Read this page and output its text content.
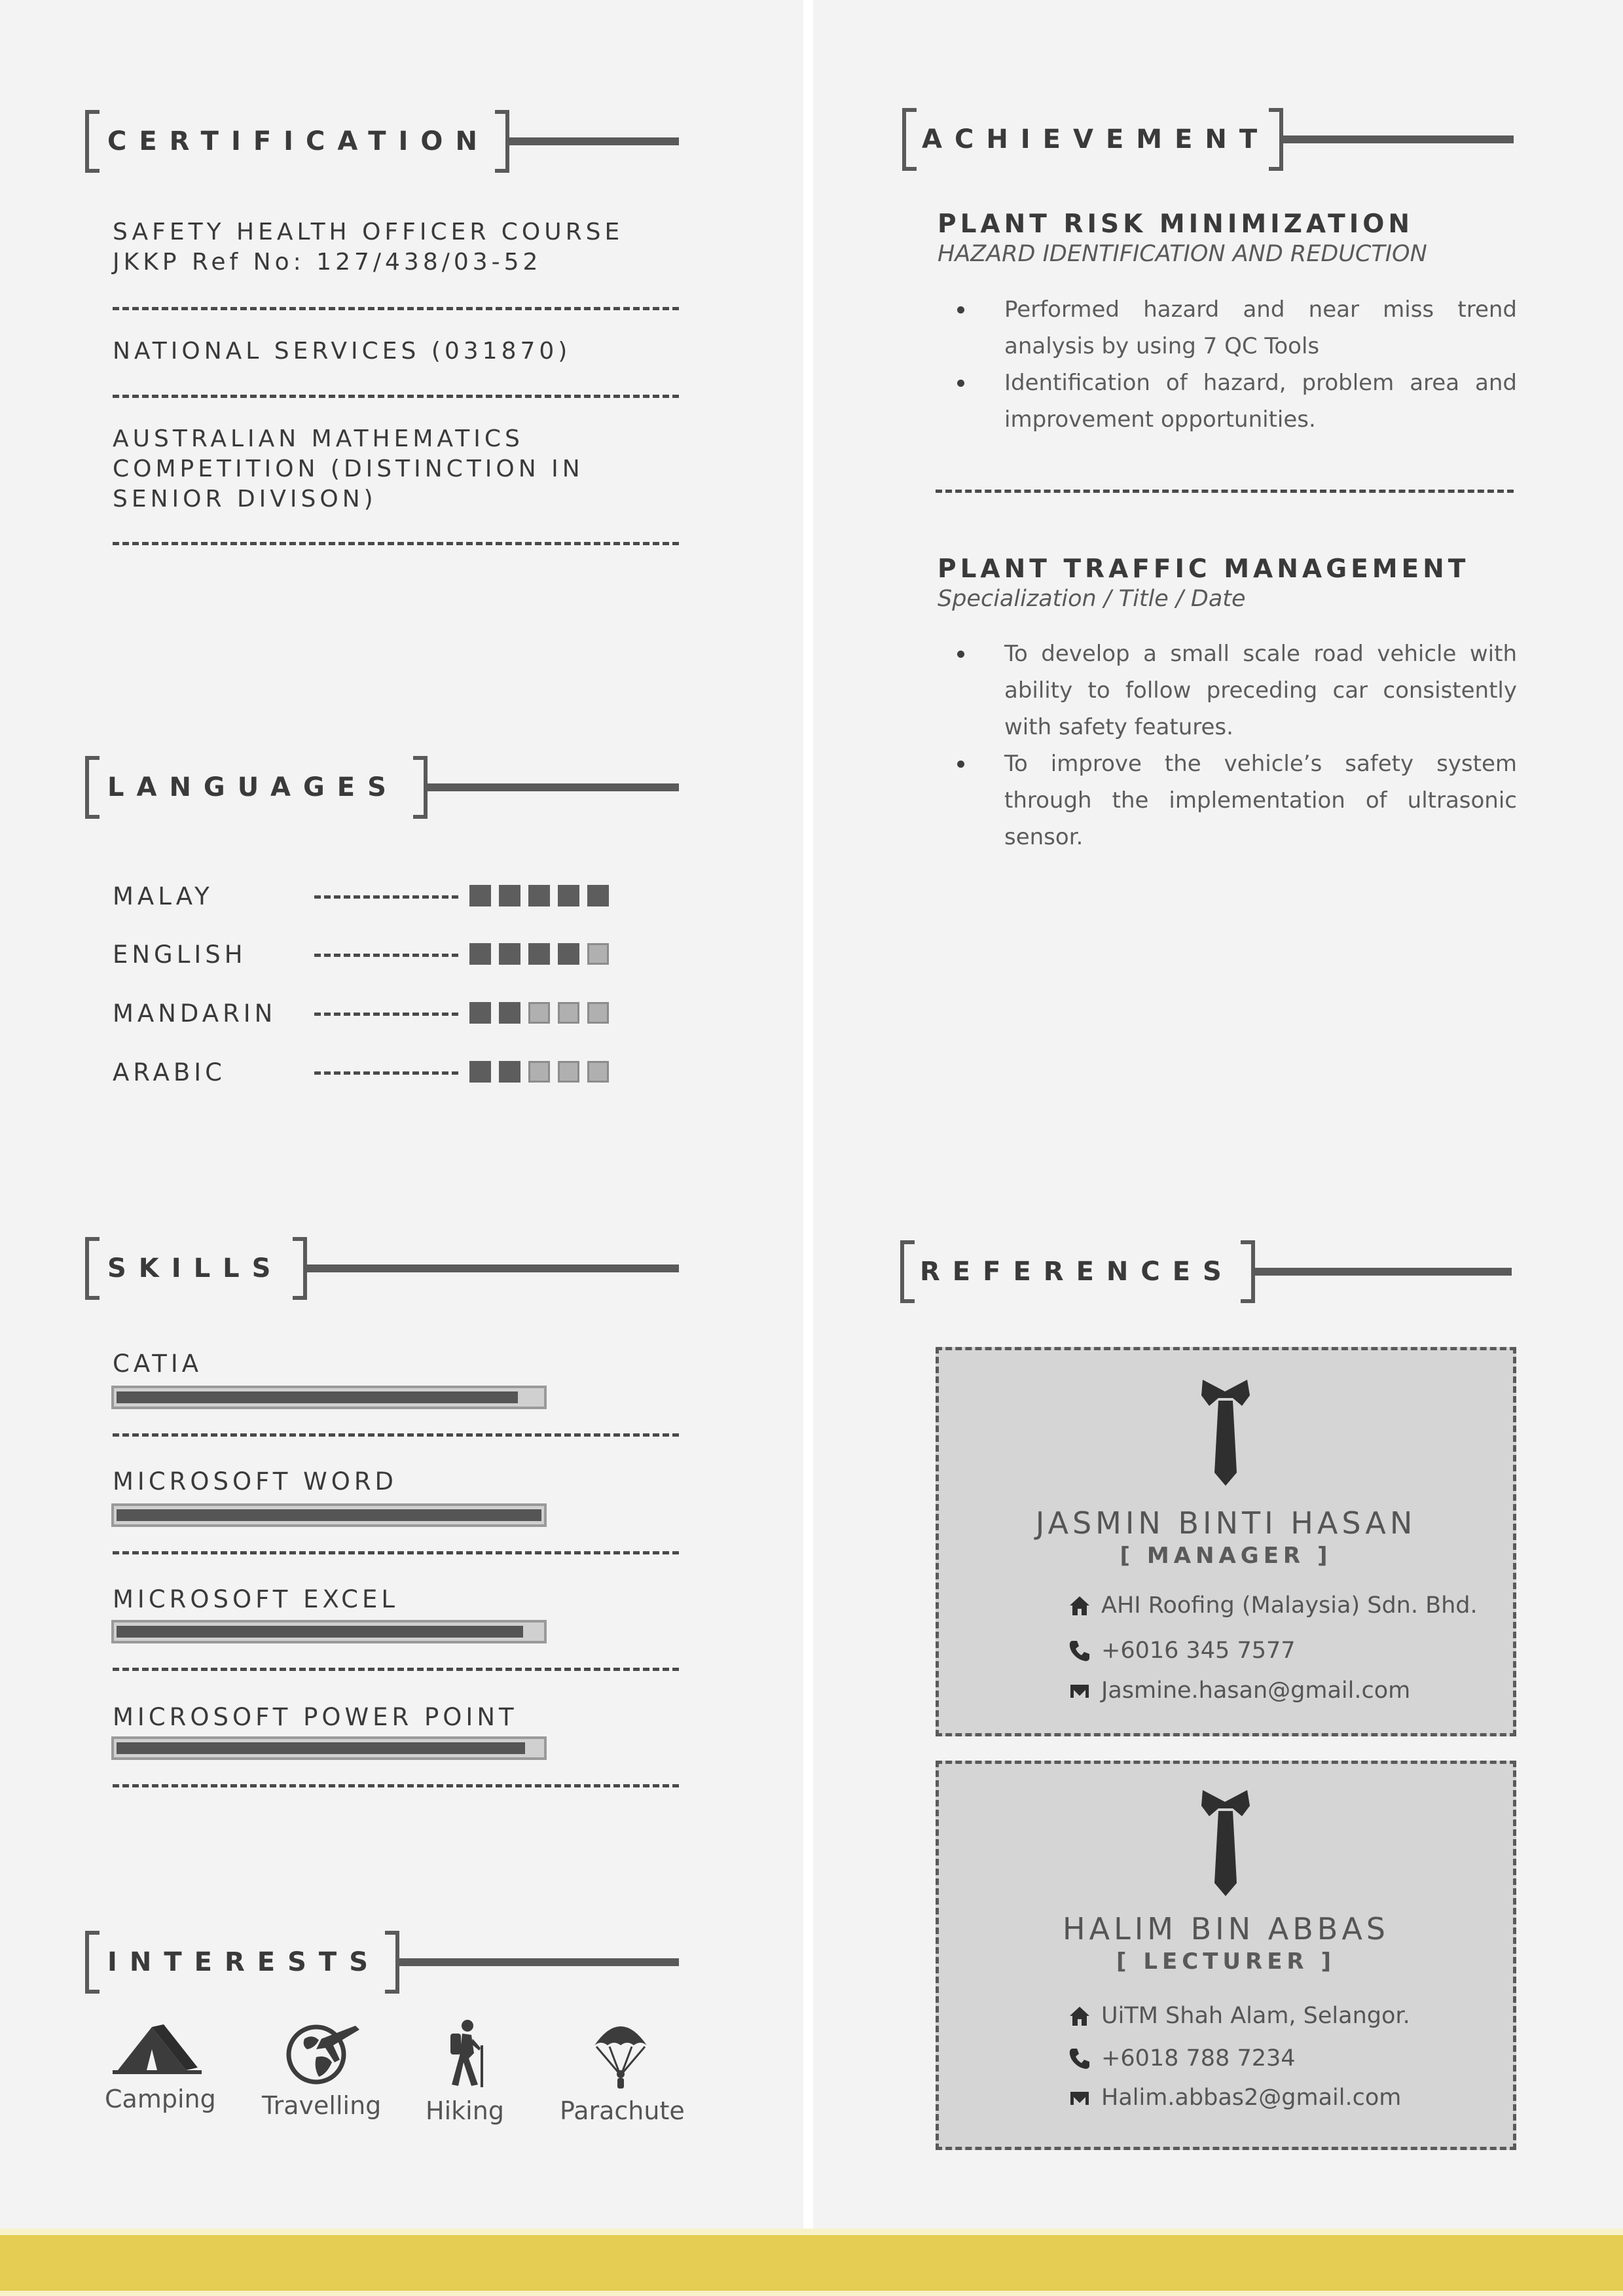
CERTIFICATION
SAFETY HEALTH OFFICER COURSE
JKKP Ref No: 127/438/03-52
NATIONAL SERVICES (031870)
AUSTRALIAN MATHEMATICS
COMPETITION (DISTINCTION IN
SENIOR DIVISON)
LANGUAGES
MALAY
ENGLISH
MANDARIN
ARABIC
SKILLS
CATIA
MICROSOFT WORD
MICROSOFT EXCEL
MICROSOFT POWER POINT
INTERESTS
Camping Travelling Hiking Parachute
ACHIEVEMENT
PLANT RISK MINIMIZATION
HAZARD IDENTIFICATION AND REDUCTION
Performed hazard and near miss trend analysis by using 7 QC Tools
Identification of hazard, problem area and improvement opportunities.
PLANT TRAFFIC MANAGEMENT
Specialization / Title / Date
To develop a small scale road vehicle with ability to follow preceding car consistently with safety features.
To improve the vehicle’s safety system through the implementation of ultrasonic sensor.
REFERENCES
JASMIN BINTI HASAN
[ MANAGER ]
AHI Roofing (Malaysia) Sdn. Bhd.
+6016 345 7577
Jasmine.hasan@gmail.com
HALIM BIN ABBAS
[ LECTURER ]
UiTM Shah Alam, Selangor.
+6018 788 7234
Halim.abbas2@gmail.com
